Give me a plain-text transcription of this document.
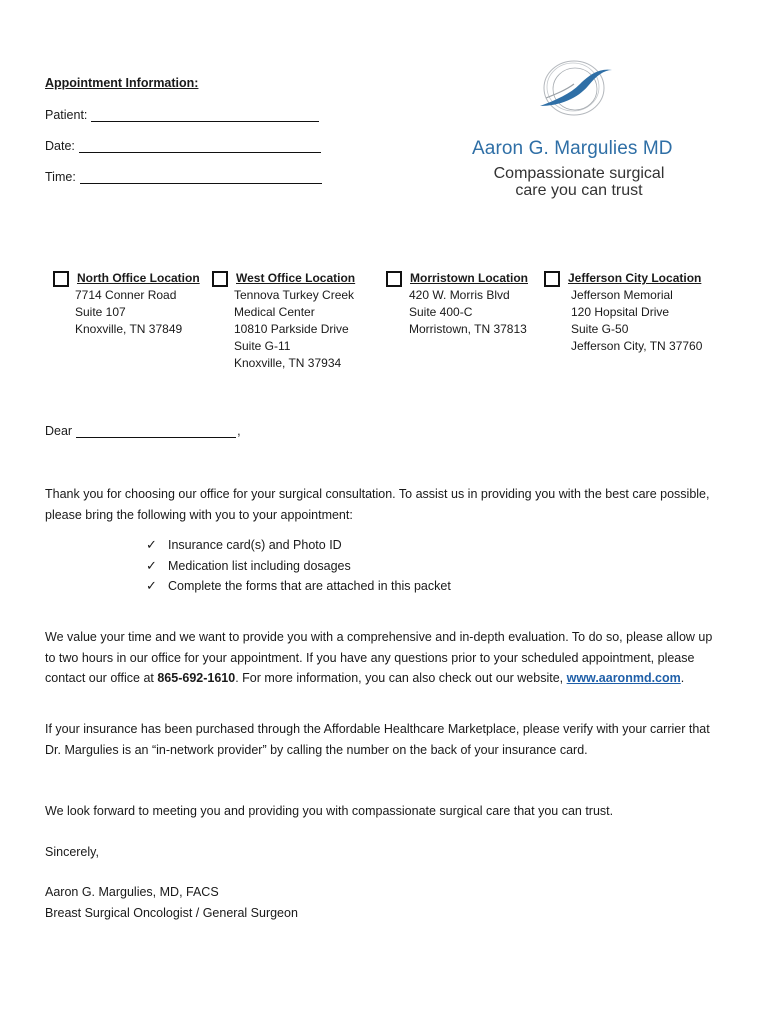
Appointment Information:
Patient:
Date:
Time:
Aaron G. Margulies MD
Compassionate surgical
care you can trust
North Office Location
7714 Conner Road
Suite 107
Knoxville, TN 37849
West Office Location
Tennova Turkey Creek
Medical Center
10810 Parkside Drive
Suite G-11
Knoxville, TN 37934
Morristown Location
420 W. Morris Blvd
Suite 400-C
Morristown, TN 37813
Jefferson City Location
Jefferson Memorial
120 Hopsital Drive
Suite G-50
Jefferson City, TN 37760
Dear	,
Thank you for choosing our office for your surgical consultation. To assist us in providing you with the best care possible, please bring the following with you to your appointment:
✓ Insurance card(s) and Photo ID
✓ Medication list including dosages
✓ Complete the forms that are attached in this packet
We value your time and we want to provide you with a comprehensive and in-depth evaluation. To do so, please allow up to two hours in our office for your appointment. If you have any questions prior to your scheduled appointment, please contact our office at 865-692-1610. For more information, you can also check out our website, www.aaronmd.com.
If your insurance has been purchased through the Affordable Healthcare Marketplace, please verify with your carrier that Dr. Margulies is an “in-network provider” by calling the number on the back of your insurance card.
We look forward to meeting you and providing you with compassionate surgical care that you can trust.
Sincerely,
Aaron G. Margulies, MD, FACS
Breast Surgical Oncologist / General Surgeon
